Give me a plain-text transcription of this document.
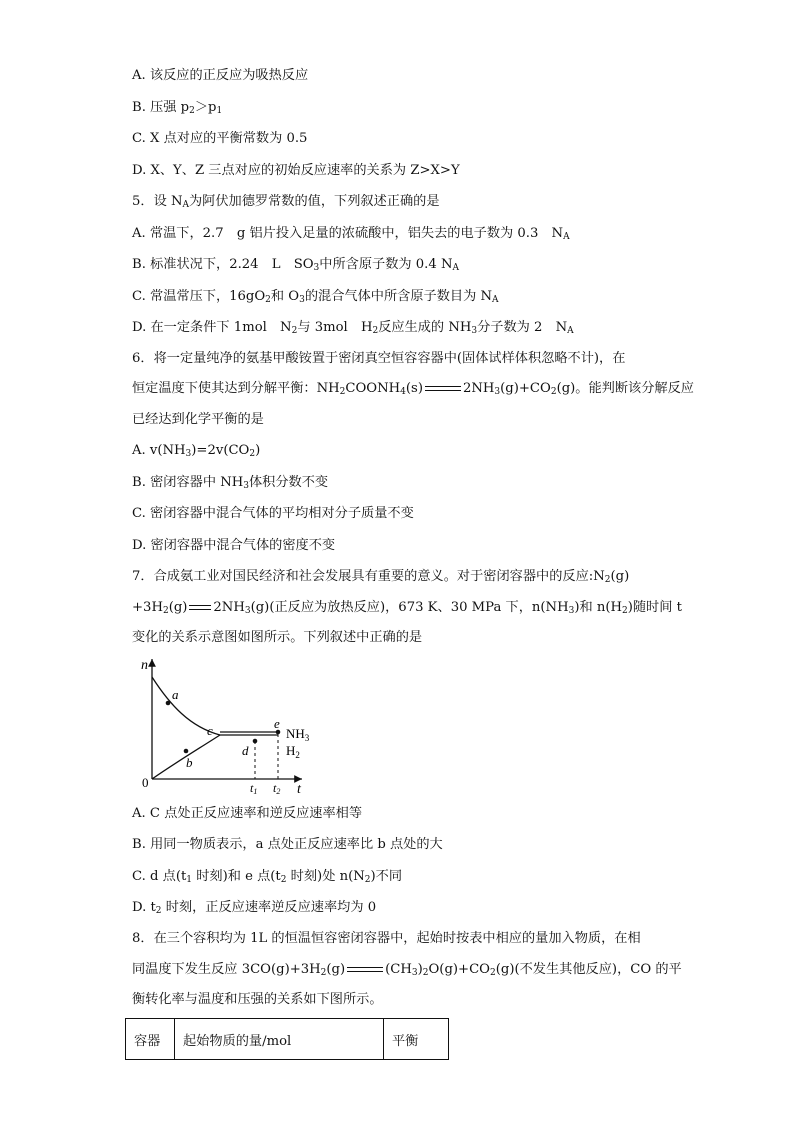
A. 该反应的正反应为吸热反应
B. 压强 $p_2>p_1$
C. X 点对应的平衡常数为 0.5
D. X、Y、Z 三点对应的初始反应速率的关系为 Z>X>Y
5．设 $N_A$为阿伏加德罗常数的值，下列叙述正确的是
A. 常温下，2.7　g 铝片投入足量的浓硫酸中，铝失去的电子数为 0.3　$N_A$
B. 标准状况下，2.24　L　$SO_3$中所含原子数为 0.4 $N_A$
C. 常温常压下，$16gO_2$和 $O_3$的混合气体中所含原子数目为 $N_A$
D. 在一定条件下 1mol　$N_2$与 3mol　$H_2$反应生成的 $NH_3$分子数为 2　$N_A$
6．将一定量纯净的氨基甲酸铵置于密闭真空恒容容器中(固体试样体积忽略不计)，在
恒定温度下使其达到分解平衡：$NH_2COONH_4(s)$	$2NH_3(g)+CO_2(g)$。能判断该分解反应
已经达到化学平衡的是
A. $v(NH_3)=2v(CO_2)$
B. 密闭容器中 $NH_3$体积分数不变
C. 密闭容器中混合气体的平均相对分子质量不变
D. 密闭容器中混合气体的密度不变
7．合成氨工业对国民经济和社会发展具有重要的意义。对于密闭容器中的反应$:N_2(g)$
$+3H_2(g)$ $2NH_3(g)$(正反应为放热反应)，673 K、30 MPa 下，$n(NH_3)$和 $n(H_2)$随时间 t
变化的关系示意图如图所示。下列叙述中正确的是
n
t
0
a
b
c
d
e
$NH_3$
$H_2$
t1 t2
A. C 点处正反应速率和逆反应速率相等
B. 用同一物质表示，a 点处正反应速率比 b 点处的大
C. d 点($t_1$ 时刻)和 e 点($t_2$ 时刻)处 $n(N_2)$不同
D. $t_2$ 时刻，正反应速率逆反应速率均为 0
8．在三个容积均为 1L 的恒温恒容密闭容器中，起始时按表中相应的量加入物质，在相
同温度下发生反应 $3CO(g)+3H_2(g)$	$(CH_3)_2O(g)+CO_2(g)$(不发生其他反应)，CO 的平
衡转化率与温度和压强的关系如下图所示。
容器	起始物质的量/mol	平衡
